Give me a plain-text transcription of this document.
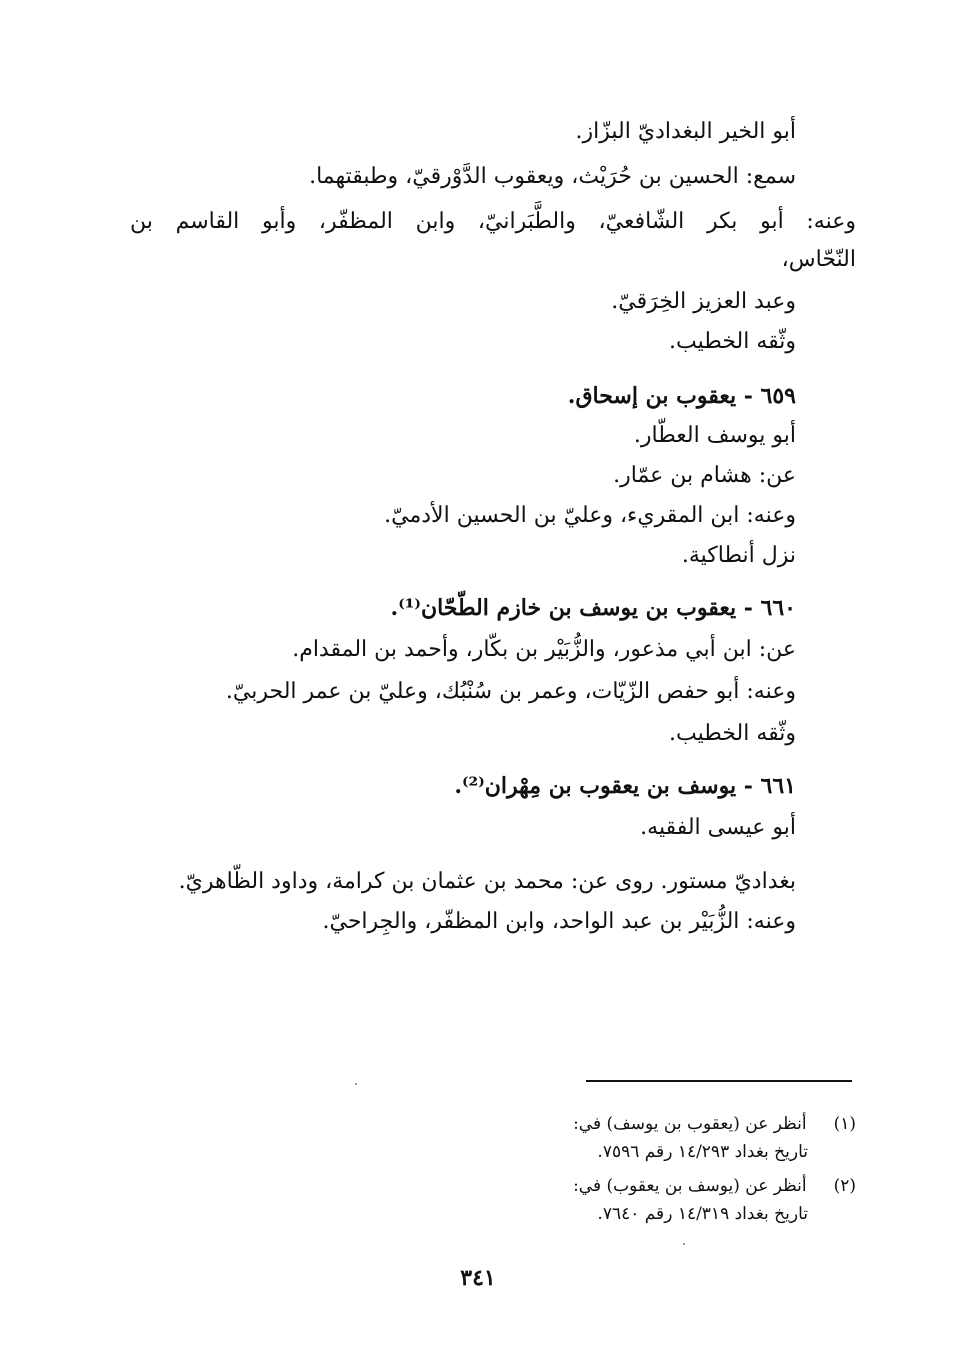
أبو الخير البغداديّ البزّاز.
سمع: الحسين بن حُرَيْث، ويعقوب الدَّوْرقيّ، وطبقتهما.
وعنه: أبو بكر الشّافعيّ، والطَّبَرانيّ، وابن المظفّر، وأبو القاسم بن
النّحّاس،
وعبد العزيز الخِرَقيّ.
وثّقه الخطيب.
٦٥٩ - يعقوب بن إسحاق.
أبو يوسف العطّار.
عن: هشام بن عمّار.
وعنه: ابن المقريء، وعليّ بن الحسين الأدميّ.
نزل أنطاكية.
٦٦٠ - يعقوب بن يوسف بن خازم الطّحّان⁽¹⁾.
عن: ابن أبي مذعور، والزُّبَيْر بن بكّار، وأحمد بن المقدام.
وعنه: أبو حفص الزّيّات، وعمر بن سُنْبُك، وعليّ بن عمر الحربيّ.
وثّقه الخطيب.
٦٦١ - يوسف بن يعقوب بن مِهْران⁽²⁾.
أبو عيسى الفقيه.
بغداديّ مستور. روى عن: محمد بن عثمان بن كرامة، وداود الظّاهريّ.
وعنه: الزُّبَيْر بن عبد الواحد، وابن المظفّر، والجِراحيّ.
(١) أنظر عن (يعقوب بن يوسف) في:
تاريخ بغداد ١٤/٢٩٣ رقم ٧٥٩٦.
(٢) أنظر عن (يوسف بن يعقوب) في:
تاريخ بغداد ١٤/٣١٩ رقم ٧٦٤٠.
٣٤١
